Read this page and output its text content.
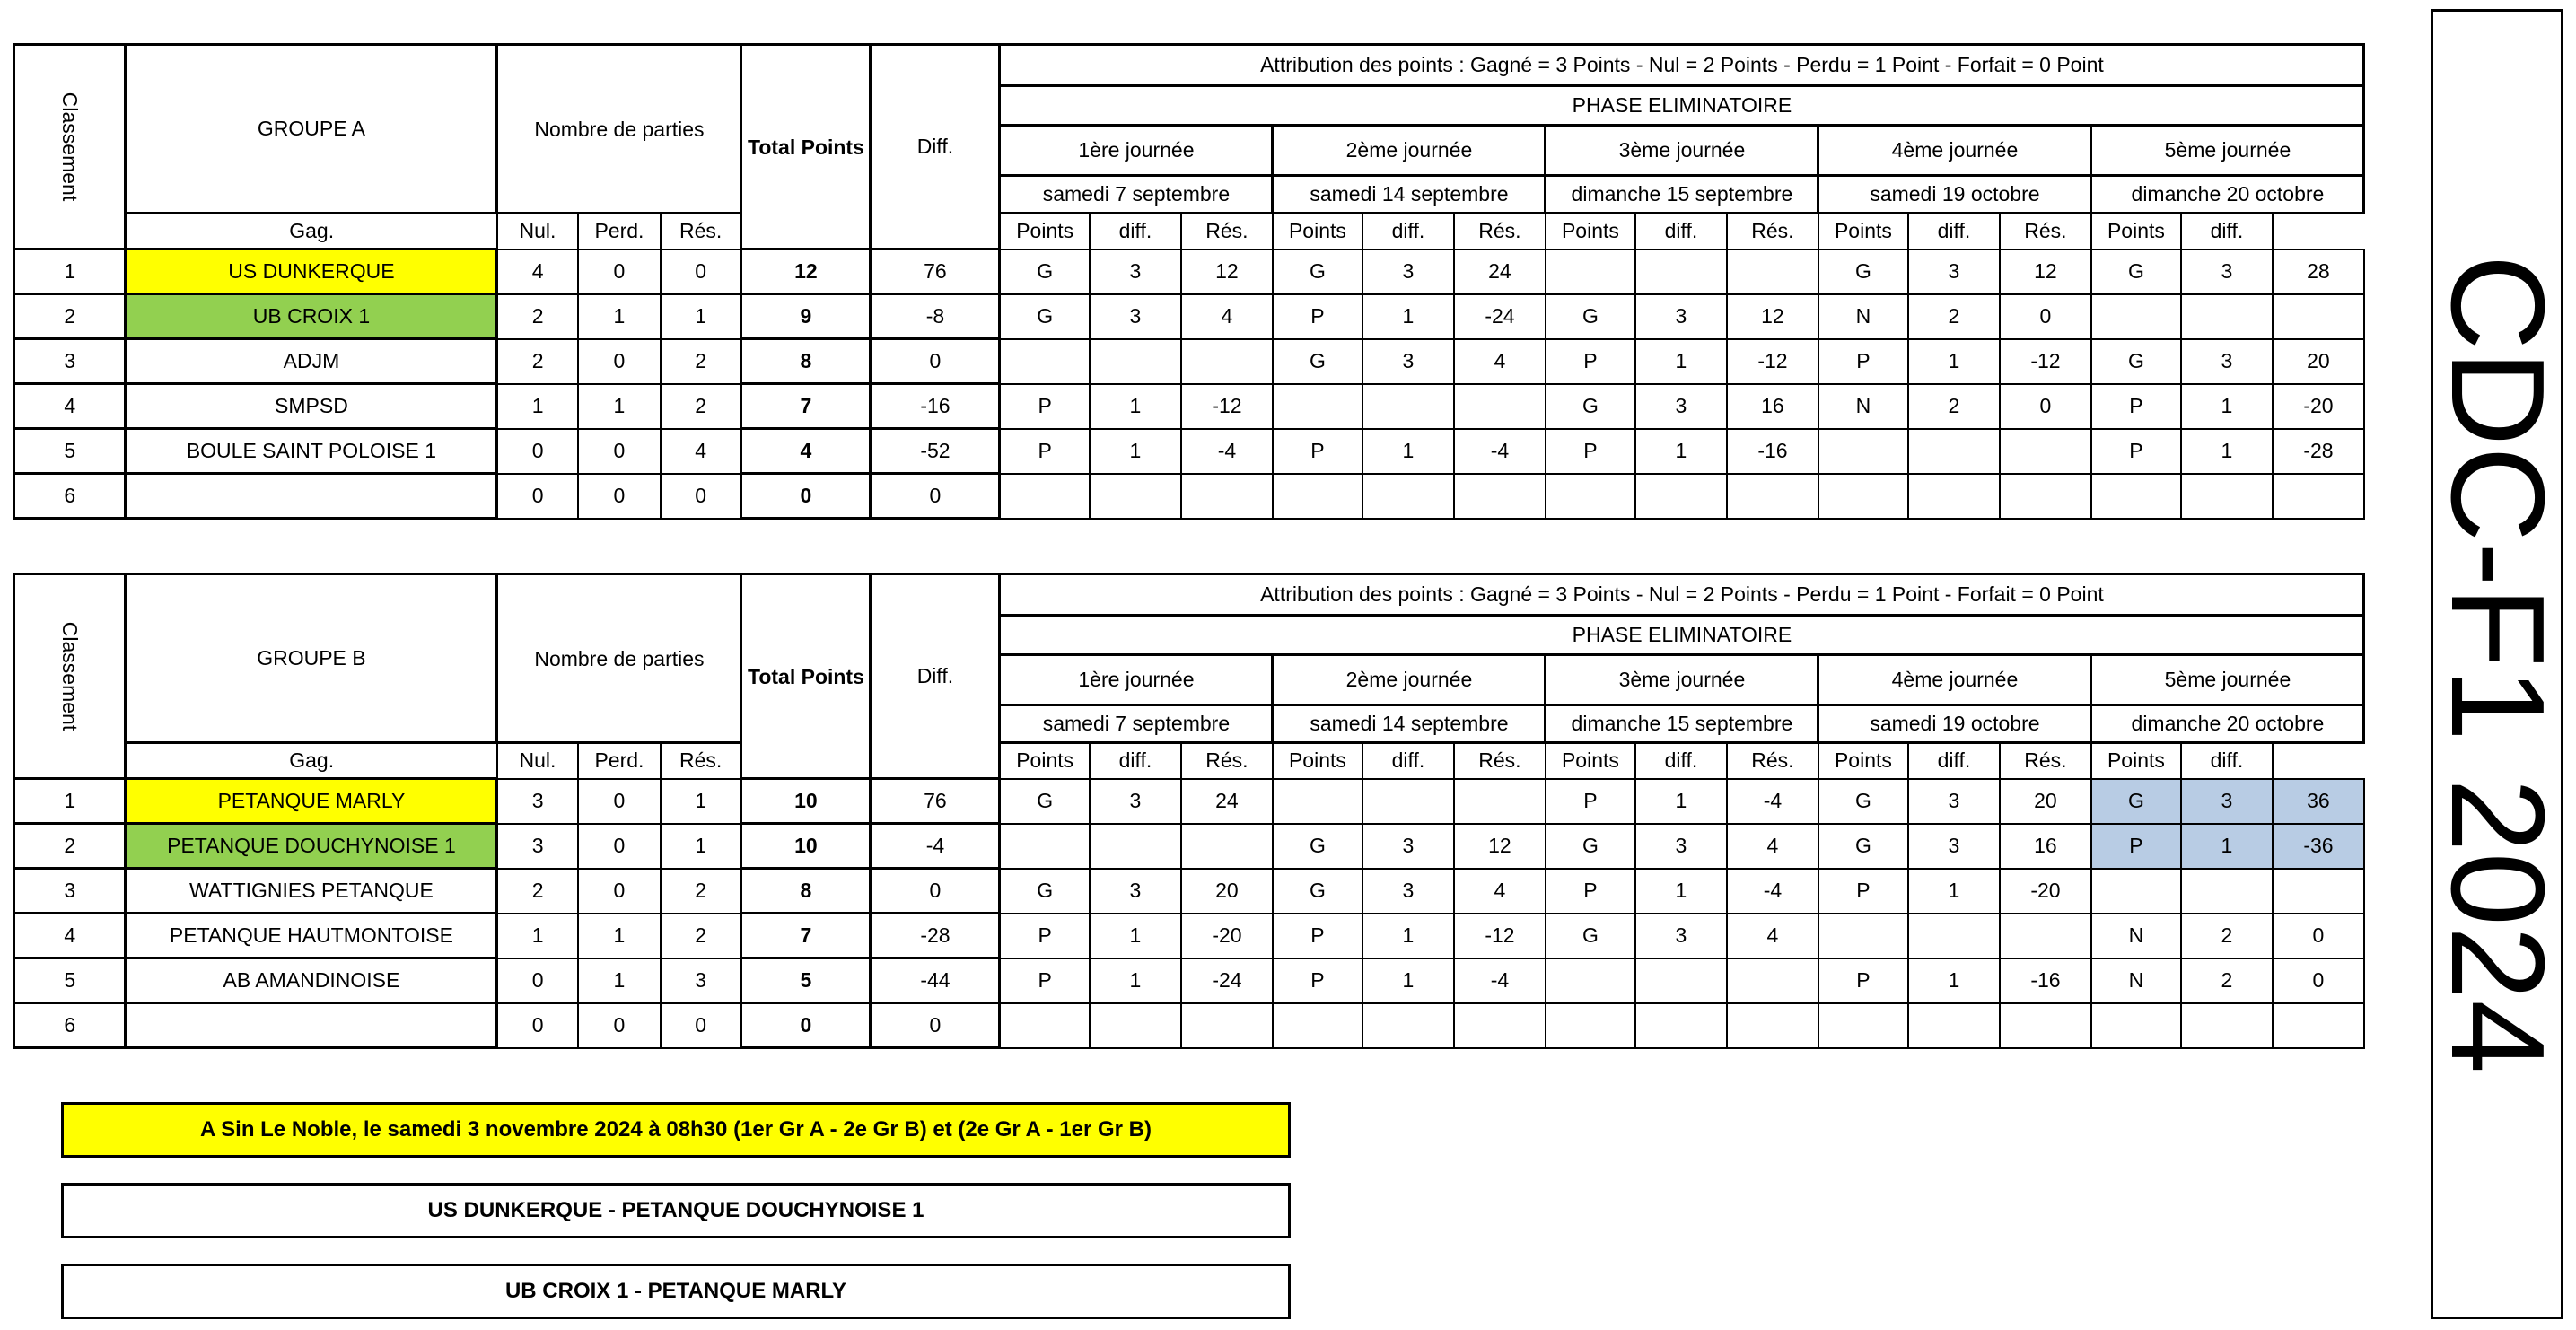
Classement	GROUPE A	Nombre de parties			Total Points	Diff.	Attribution des points : Gagné = 3 Points - Nul = 2 Points - Perdu = 1 Point - Forfait = 0 Point														
							PHASE ELIMINATOIRE														
							1ère journée			2ème journée			3ème journée			4ème journée			5ème journée		
							samedi 7 septembre			samedi 14 septembre			dimanche 15 septembre			samedi 19 octobre			dimanche 20 octobre		
	Gag.	Nul.	Perd.	Rés.			Points	diff.	Rés.	Points	diff.	Rés.	Points	diff.	Rés.	Points	diff.	Rés.	Points	diff.	
1	US DUNKERQUE	4	0	0	12	76	G	3	12	G	3	24				G	3	12	G	3	28
2	UB CROIX 1	2	1	1	9	-8	G	3	4	P	1	-24	G	3	12	N	2	0			
3	ADJM	2	0	2	8	0				G	3	4	P	1	-12	P	1	-12	G	3	20
4	SMPSD	1	1	2	7	-16	P	1	-12				G	3	16	N	2	0	P	1	-20
5	BOULE SAINT POLOISE 1	0	0	4	4	-52	P	1	-4	P	1	-4	P	1	-16				P	1	-28
6		0	0	0	0	0															
Classement	GROUPE B	Nombre de parties			Total Points	Diff.	Attribution des points : Gagné = 3 Points - Nul = 2 Points - Perdu = 1 Point - Forfait = 0 Point														
							PHASE ELIMINATOIRE														
							1ère journée			2ème journée			3ème journée			4ème journée			5ème journée		
							samedi 7 septembre			samedi 14 septembre			dimanche 15 septembre			samedi 19 octobre			dimanche 20 octobre		
	Gag.	Nul.	Perd.	Rés.			Points	diff.	Rés.	Points	diff.	Rés.	Points	diff.	Rés.	Points	diff.	Rés.	Points	diff.	
1	PETANQUE MARLY	3	0	1	10	76	G	3	24				P	1	-4	G	3	20	G	3	36
2	PETANQUE DOUCHYNOISE 1	3	0	1	10	-4				G	3	12	G	3	4	G	3	16	P	1	-36
3	WATTIGNIES PETANQUE	2	0	2	8	0	G	3	20	G	3	4	P	1	-4	P	1	-20			
4	PETANQUE HAUTMONTOISE	1	1	2	7	-28	P	1	-20	P	1	-12	G	3	4				N	2	0
5	AB AMANDINOISE	0	1	3	5	-44	P	1	-24	P	1	-4				P	1	-16	N	2	0
6		0	0	0	0	0															
A Sin Le Noble, le samedi 3 novembre 2024 à 08h30 (1er Gr A - 2e Gr B) et (2e Gr A - 1er Gr B)
US DUNKERQUE - PETANQUE DOUCHYNOISE 1
UB CROIX 1 - PETANQUE MARLY
CDC-F1 2024
